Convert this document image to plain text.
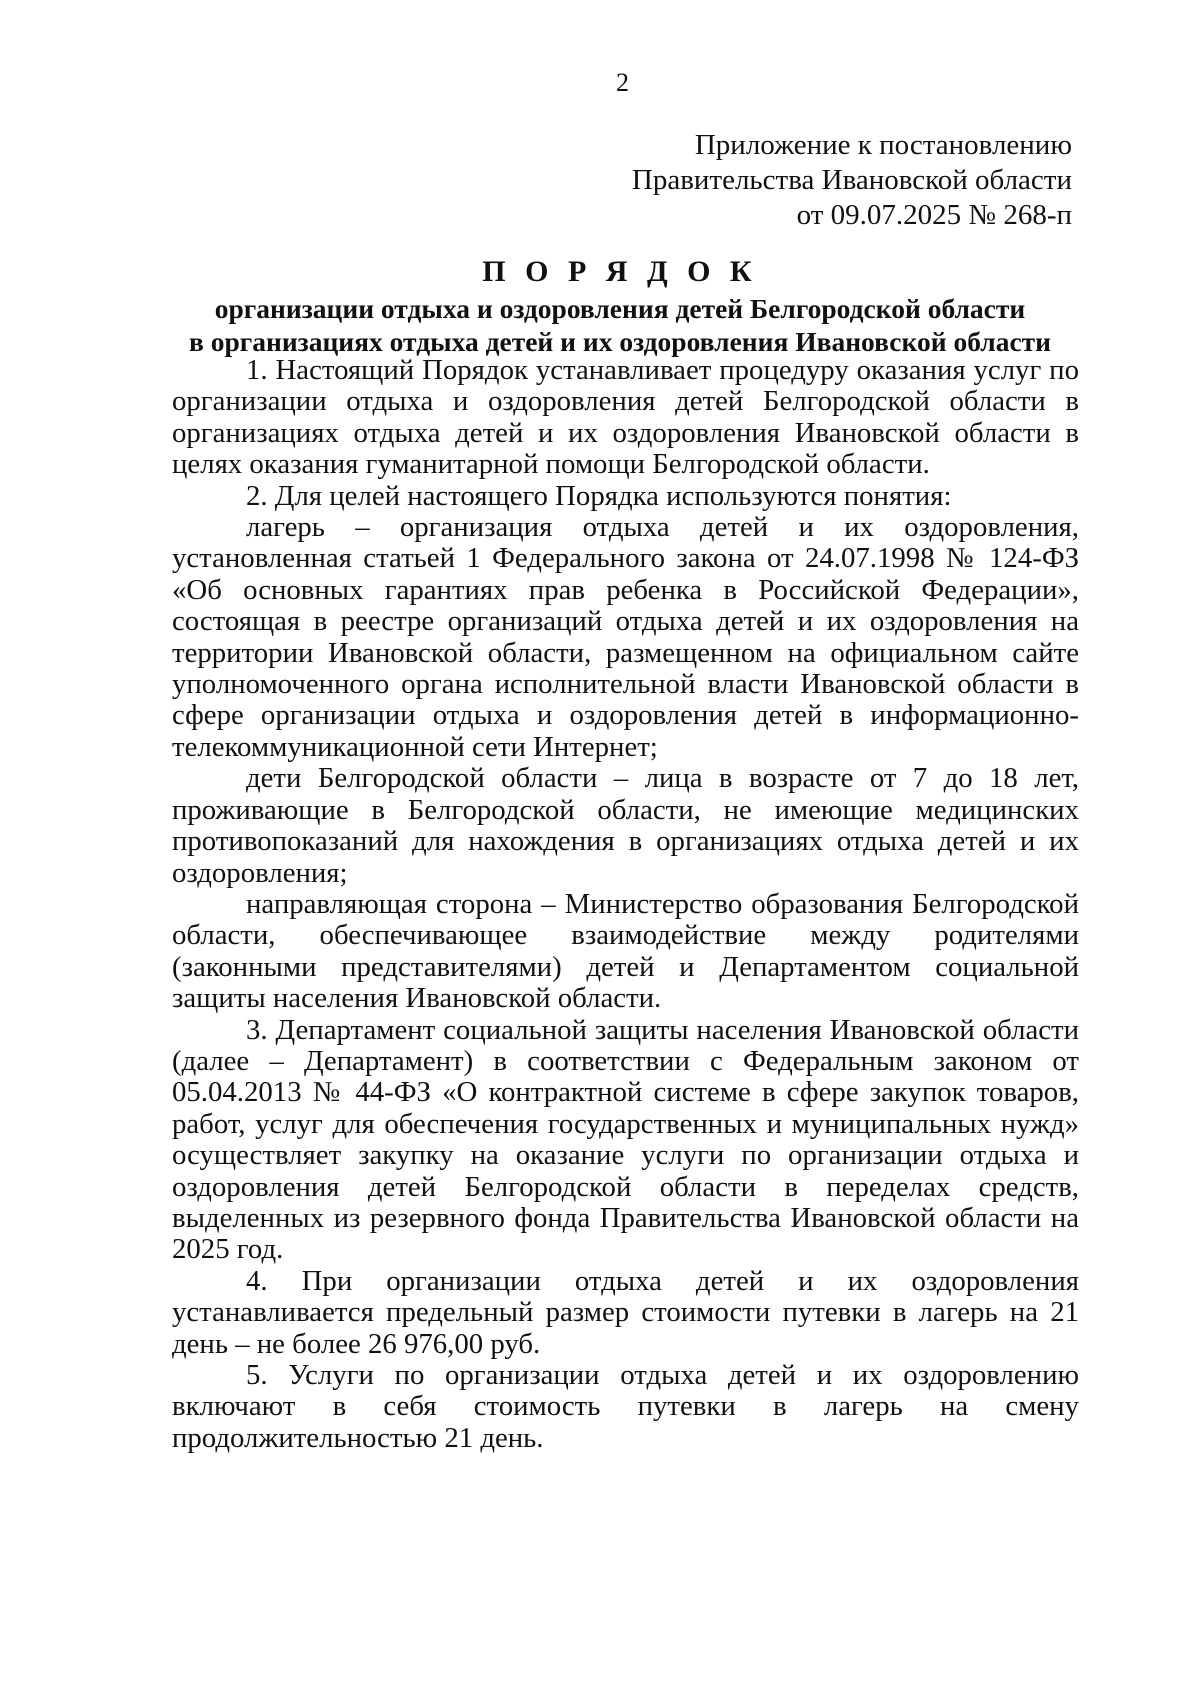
2
Приложение к постановлению
Правительства Ивановской области
от 09.07.2025 № 268-п
П О Р Я Д О К
организации отдыха и оздоровления детей Белгородской области
в организациях отдыха детей и их оздоровления Ивановской области

1. Настоящий Порядок устанавливает процедуру оказания услуг по организации отдыха и оздоровления детей Белгородской области в организациях отдыха детей и их оздоровления Ивановской области в целях оказания гуманитарной помощи Белгородской области.

2. Для целей настоящего Порядка используются понятия:

лагерь – организация отдыха детей и их оздоровления, установленная статьей 1 Федерального закона от 24.07.1998 № 124-ФЗ «Об основных гарантиях прав ребенка в Российской Федерации», состоящая в реестре организаций отдыха детей и их оздоровления на территории Ивановской области, размещенном на официальном сайте уполномоченного органа исполнительной власти Ивановской области в сфере организации отдыха и оздоровления детей в информационно-телекоммуникационной сети Интернет;

дети Белгородской области – лица в возрасте от 7 до 18 лет, проживающие в Белгородской области, не имеющие медицинских противопоказаний для нахождения в организациях отдыха детей и их оздоровления;

направляющая сторона – Министерство образования Белгородской области, обеспечивающее взаимодействие между родителями (законными представителями) детей и Департаментом социальной защиты населения Ивановской области.

3. Департамент социальной защиты населения Ивановской области (далее – Департамент) в соответствии с Федеральным законом от 05.04.2013 № 44-ФЗ «О контрактной системе в сфере закупок товаров, работ, услуг для обеспечения государственных и муниципальных нужд» осуществляет закупку на оказание услуги по организации отдыха и оздоровления детей Белгородской области в переделах средств, выделенных из резервного фонда Правительства Ивановской области на 2025 год.

4. При организации отдыха детей и их оздоровления устанавливается предельный размер стоимости путевки в лагерь на 21 день – не более 26 976,00 руб.

5. Услуги по организации отдыха детей и их оздоровлению включают в себя стоимость путевки в лагерь на смену продолжительностью 21 день.
